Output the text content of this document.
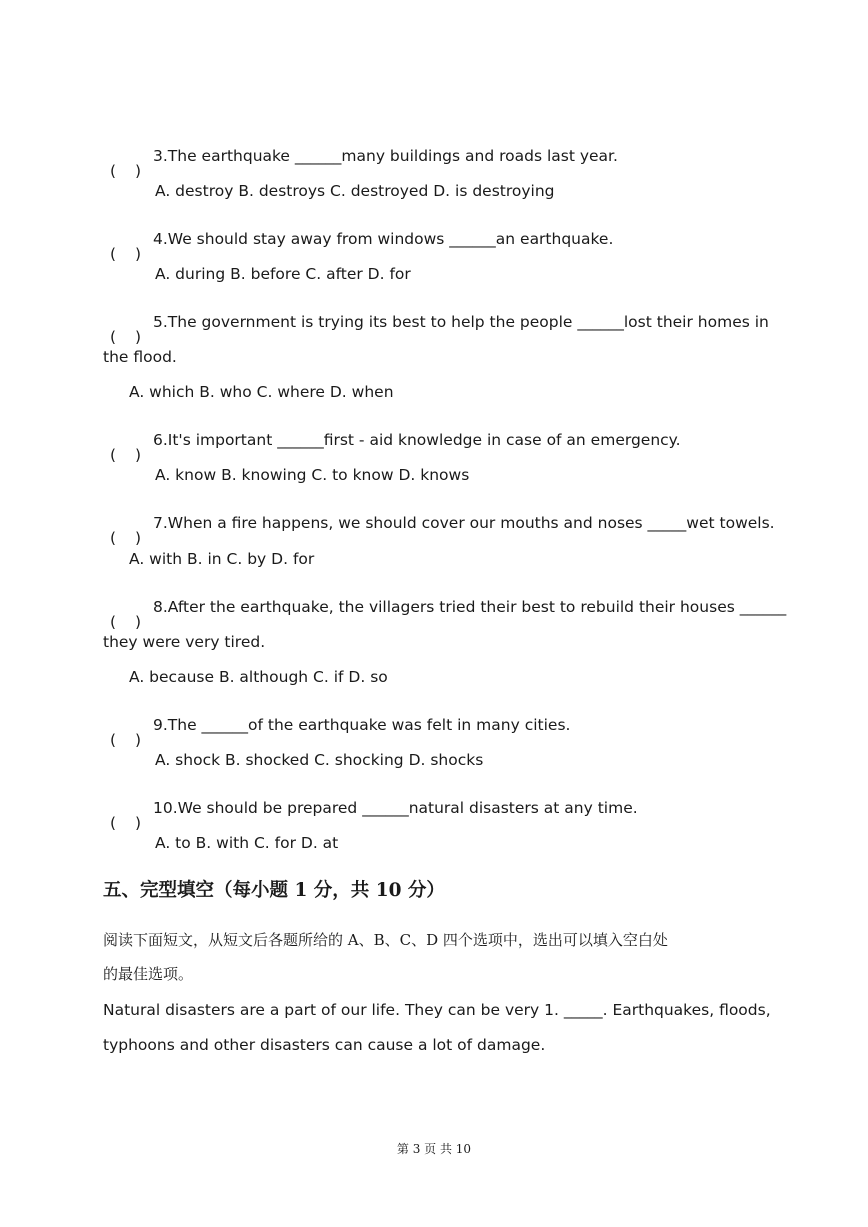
( )
3.The earthquake ______many buildings and roads last year.
A. destroy B. destroys C. destroyed D. is destroying
( )
4.We should stay away from windows ______an earthquake.
A. during B. before C. after D. for
( )
5.The government is trying its best to help the people ______lost their homes in
the flood.
A. which B. who C. where D. when
( )
6.It's important ______first - aid knowledge in case of an emergency.
A. know B. knowing C. to know D. knows
( )
7.When a fire happens, we should cover our mouths and noses _____wet towels.
A. with B. in C. by D. for
( )
8.After the earthquake, the villagers tried their best to rebuild their houses ______
they were very tired.
A. because B. although C. if D. so
( )
9.The ______of the earthquake was felt in many cities.
A. shock B. shocked C. shocking D. shocks
( )
10.We should be prepared ______natural disasters at any time.
A. to B. with C. for D. at
五、完型填空（每小题 1 分，共 10 分）
阅读下面短文，从短文后各题所给的 A、B、C、D 四个选项中，选出可以填入空白处
的最佳选项。
Natural disasters are a part of our life. They can be very 1. _____. Earthquakes, floods,
typhoons and other disasters can cause a lot of damage.
第 3 页 共 10
